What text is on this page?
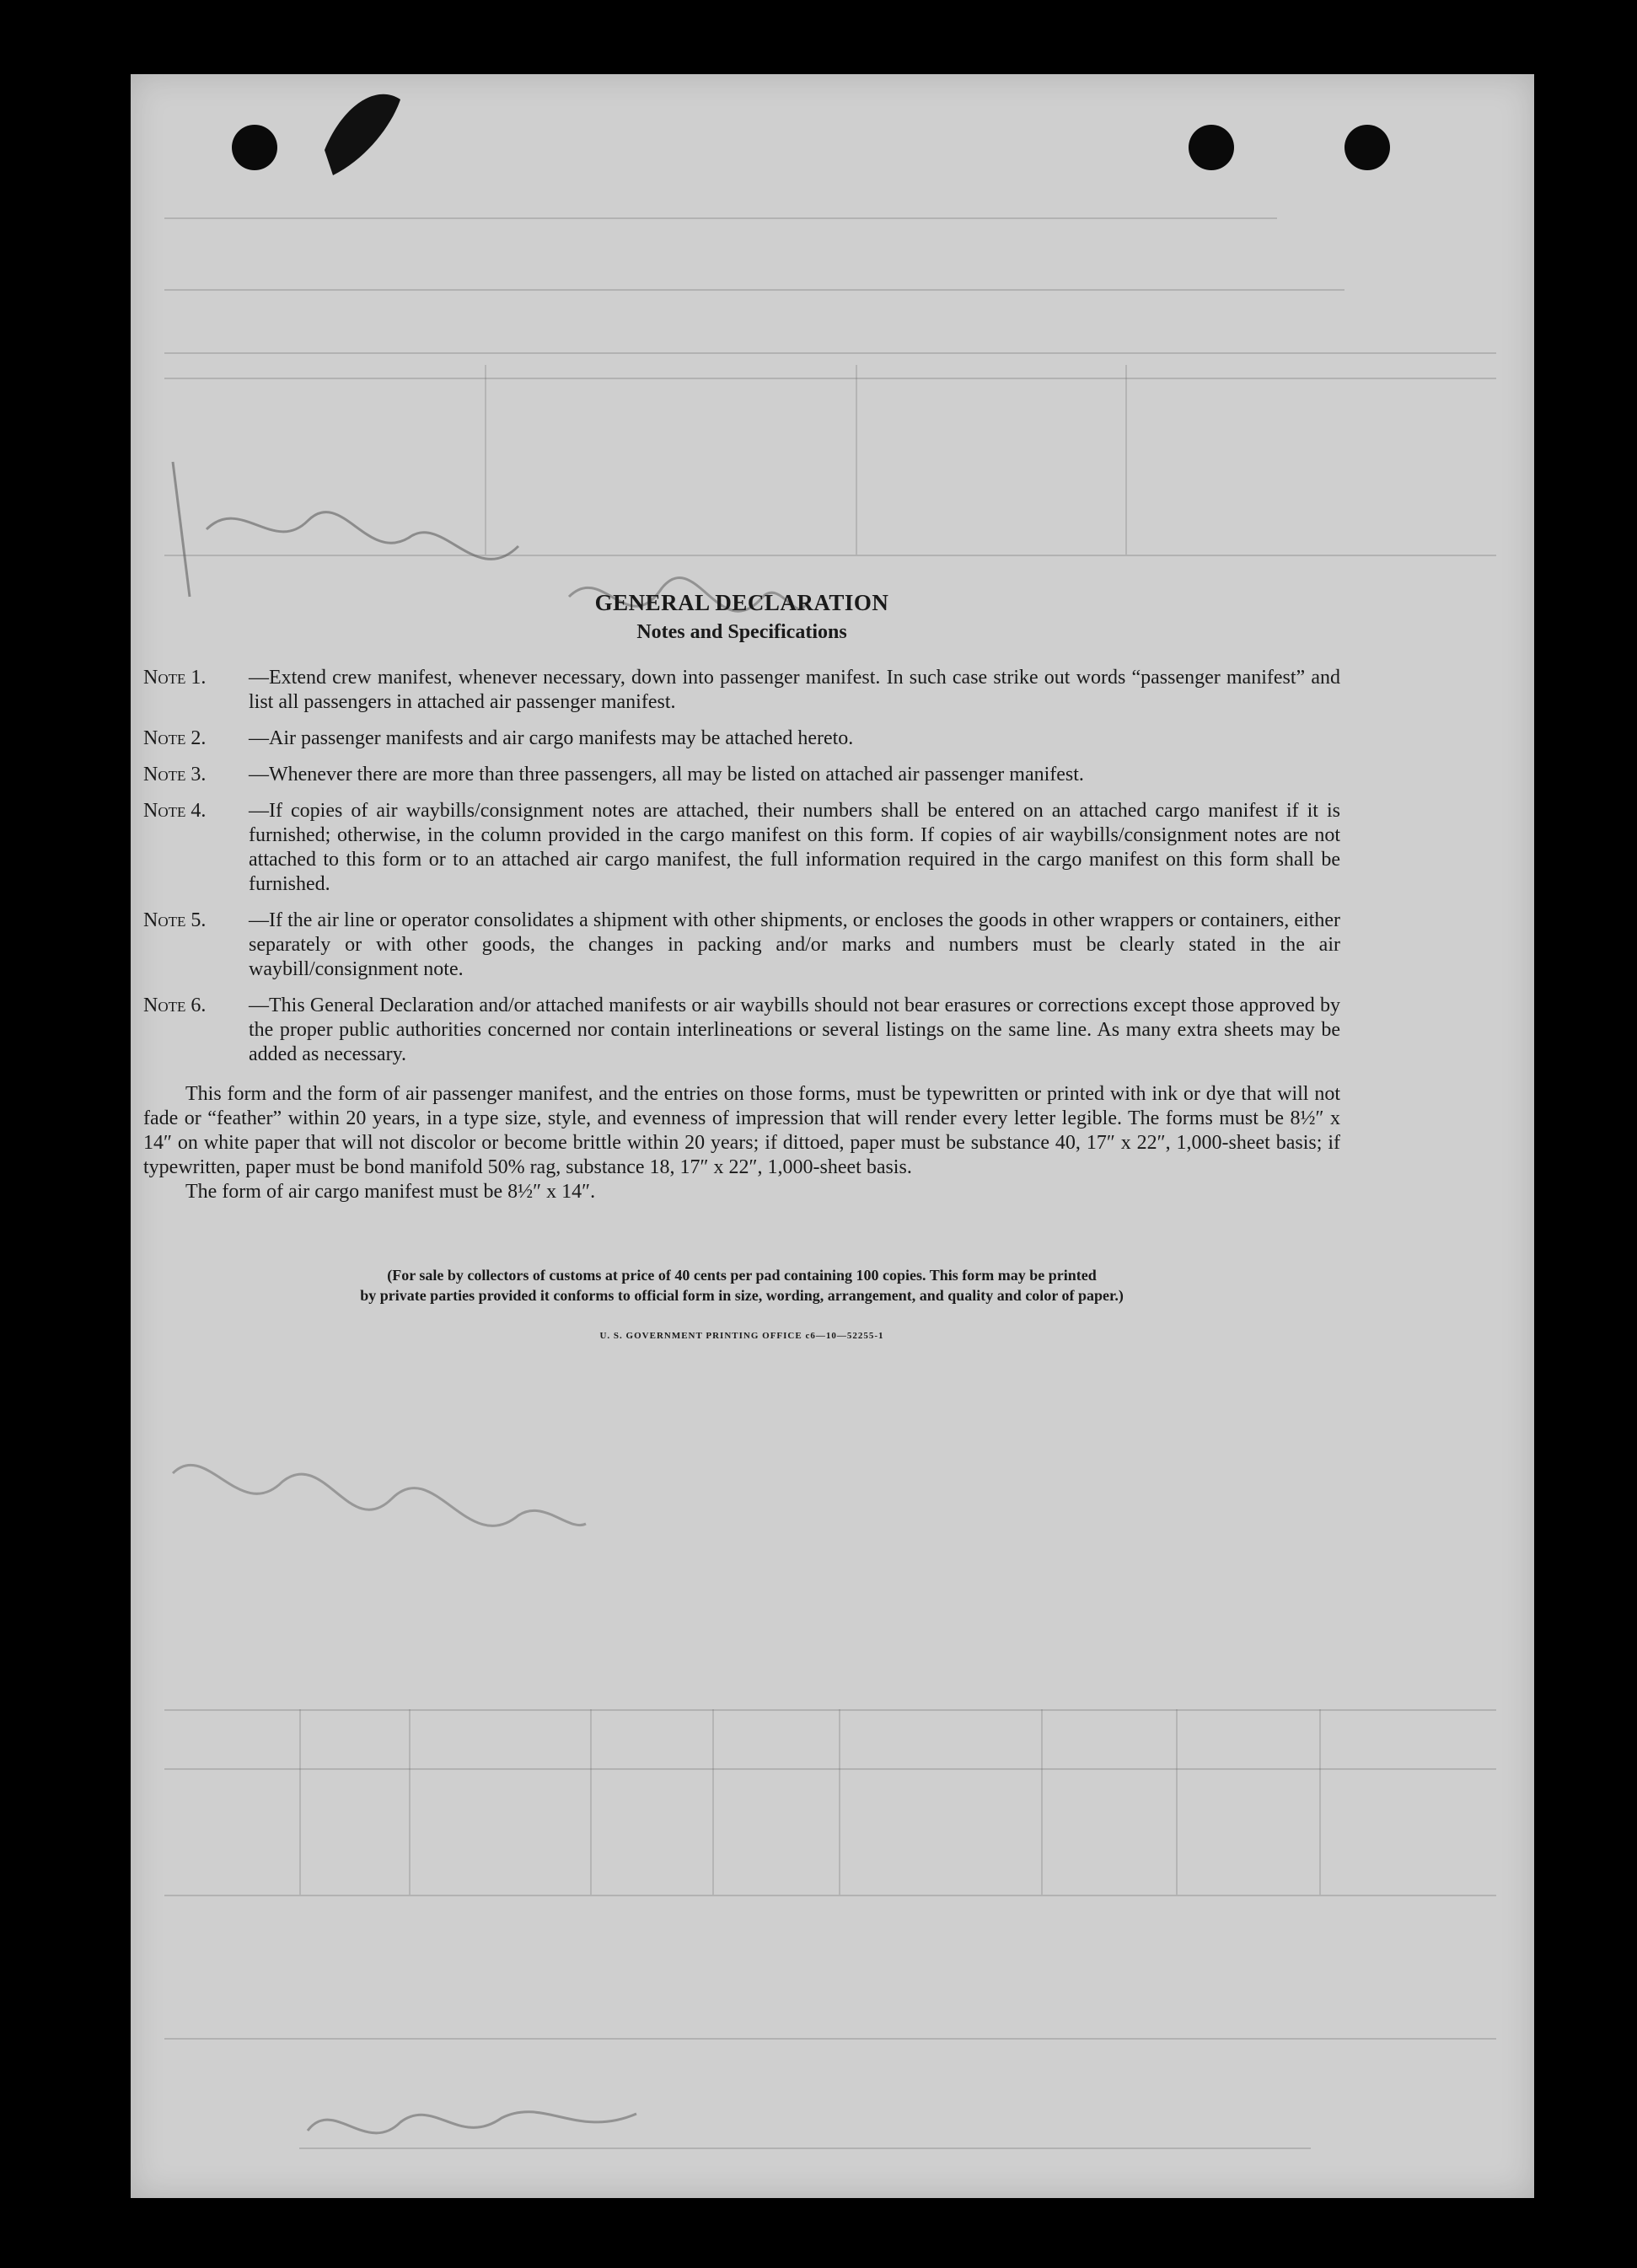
GENERAL DECLARATION
Notes and Specifications
Note 1.	—Extend crew manifest, whenever necessary, down into passenger manifest. In such case strike out words “passenger manifest” and list all passengers in attached air passenger manifest.
Note 2.	—Air passenger manifests and air cargo manifests may be attached hereto.
Note 3.	—Whenever there are more than three passengers, all may be listed on attached air passenger manifest.
Note 4.	—If copies of air waybills/consignment notes are attached, their numbers shall be entered on an attached cargo manifest if it is furnished; otherwise, in the column provided in the cargo manifest on this form. If copies of air waybills/consignment notes are not attached to this form or to an attached air cargo manifest, the full information required in the cargo manifest on this form shall be furnished.
Note 5.	—If the air line or operator consolidates a shipment with other shipments, or encloses the goods in other wrappers or containers, either separately or with other goods, the changes in packing and/or marks and numbers must be clearly stated in the air waybill/consignment note.
Note 6.	—This General Declaration and/or attached manifests or air waybills should not bear erasures or corrections except those approved by the proper public authorities concerned nor contain interlineations or several listings on the same line. As many extra sheets may be added as necessary.
This form and the form of air passenger manifest, and the entries on those forms, must be typewritten or printed with ink or dye that will not fade or “feather” within 20 years, in a type size, style, and evenness of impression that will render every letter legible. The forms must be 8½″ x 14″ on white paper that will not discolor or become brittle within 20 years; if dittoed, paper must be substance 40, 17″ x 22″, 1,000-sheet basis; if typewritten, paper must be bond manifold 50% rag, substance 18, 17″ x 22″, 1,000-sheet basis.
The form of air cargo manifest must be 8½″ x 14″.
(For sale by collectors of customs at price of 40 cents per pad containing 100 copies. This form may be printed
by private parties provided it conforms to official form in size, wording, arrangement, and quality and color of paper.)
U. S. GOVERNMENT PRINTING OFFICE c6—10—52255-1
